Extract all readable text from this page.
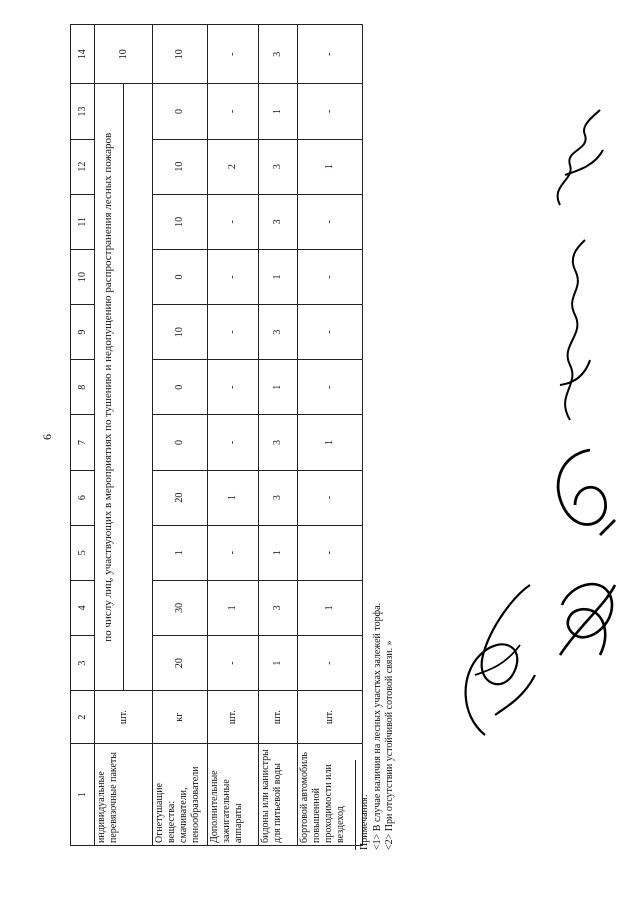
6
1	2	3	4	5	6	7	8	9	10	11	12	13	14
индивидуальные перевязочные пакеты	шт.	по числу лиц, участвующих в мероприятиях по тушению и недопущению распространения лесных пожаров											10

Огнетушащие вещества: смачиватели, пенообразователи	кг	20	30	1	20	0	0	10	0	10	10	0	10
Дополнительные зажигательные аппараты	шт.	-	1	-	1	-	-	-	-	-	2	-	-
бидоны или канистры для питьевой воды	шт.	1	3	1	3	3	1	3	1	3	3	1	3
бортовой автомобиль повышенной проходимости или вездеход	шт.	-	1	-	-	1	-	-	-	-	1	-	-
Примечания: <1> В случае наличия на лесных участках залежей торфа. <2> При отсутствии устойчивой сотовой связи. »
